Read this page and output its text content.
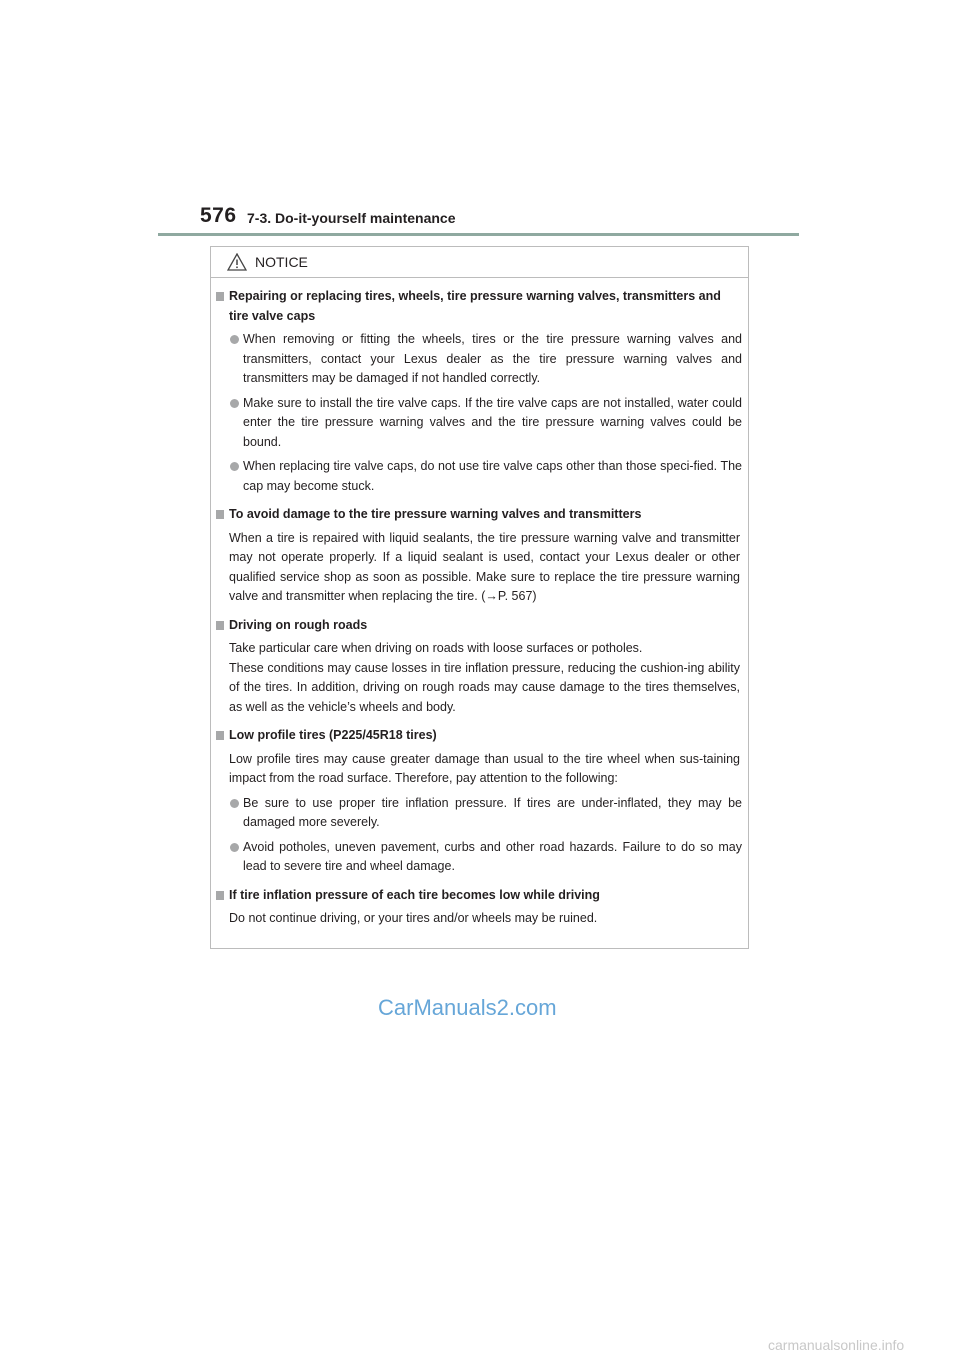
576 7-3. Do-it-yourself maintenance
NOTICE
Repairing or replacing tires, wheels, tire pressure warning valves, transmitters and tire valve caps
When removing or fitting the wheels, tires or the tire pressure warning valves and transmitters, contact your Lexus dealer as the tire pressure warning valves and transmitters may be damaged if not handled correctly.
Make sure to install the tire valve caps. If the tire valve caps are not installed, water could enter the tire pressure warning valves and the tire pressure warning valves could be bound.
When replacing tire valve caps, do not use tire valve caps other than those speci-fied. The cap may become stuck.
To avoid damage to the tire pressure warning valves and transmitters
When a tire is repaired with liquid sealants, the tire pressure warning valve and transmitter may not operate properly. If a liquid sealant is used, contact your Lexus dealer or other qualified service shop as soon as possible. Make sure to replace the tire pressure warning valve and transmitter when replacing the tire. (→P. 567)
Driving on rough roads
Take particular care when driving on roads with loose surfaces or potholes.
These conditions may cause losses in tire inflation pressure, reducing the cushion-ing ability of the tires. In addition, driving on rough roads may cause damage to the tires themselves, as well as the vehicle’s wheels and body.
Low profile tires (P225/45R18 tires)
Low profile tires may cause greater damage than usual to the tire wheel when sus-taining impact from the road surface. Therefore, pay attention to the following:
Be sure to use proper tire inflation pressure. If tires are under-inflated, they may be damaged more severely.
Avoid potholes, uneven pavement, curbs and other road hazards. Failure to do so may lead to severe tire and wheel damage.
If tire inflation pressure of each tire becomes low while driving
Do not continue driving, or your tires and/or wheels may be ruined.
CarManuals2.com
carmanualsonline.info
